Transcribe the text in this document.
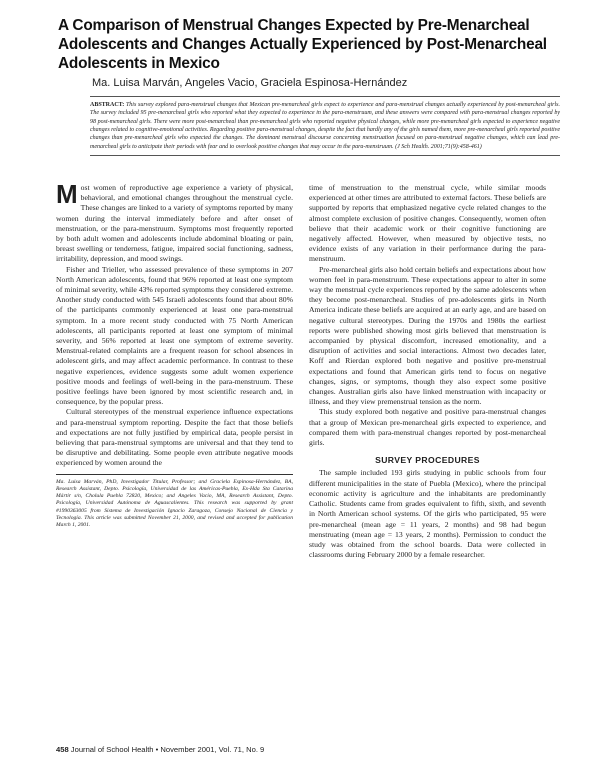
A Comparison of Menstrual Changes Expected by Pre-Menarcheal Adolescents and Changes Actually Experienced by Post-Menarcheal Adolescents in Mexico
Ma. Luisa Marván, Angeles Vacio, Graciela Espinosa-Hernández
ABSTRACT: This survey explored para-menstrual changes that Mexican pre-menarcheal girls expect to experience and para-menstrual changes actually experienced by post-menarcheal girls. The survey included 95 pre-menarcheal girls who reported what they expected to experience in the para-menstruum, and these answers were compared with para-menstrual changes reported by 98 post-menarcheal girls. There were more post-menarcheal than pre-menarcheal girls who reported negative physical changes, while more pre-menarcheal girls expected to experience negative changes related to cognitive-emotional activities. Regarding positive para-menstrual changes, despite the fact that hardly any of the girls named them, more pre-menarcheal girls reported positive changes than pre-menarcheal girls who expected the changes. The dominant menstrual discourse concerning menstruation focused on para-menstrual negative changes, which can lead pre-menarcheal girls to anticipate their periods with fear and to overlook positive changes that may occur in the para-menstruum. (J Sch Health. 2001;71(9):458-461)

Most women of reproductive age experience a variety of physical, behavioral, and emotional changes throughout the menstrual cycle. These changes are linked to a variety of symptoms reported by many women during the interval immediately before and after onset of menstruation, or the para-menstruum. Symptoms most frequently reported by both adult women and adolescents include abdominal bloating or pain, breast swelling or tenderness, fatigue, impaired social functioning, sadness, irritability, depression, and mood swings.

Fisher and Trieller, who assessed prevalence of these symptoms in 207 North American adolescents, found that 96% reported at least one symptom of minimal severity, while 43% reported symptoms they considered extreme. Another study conducted with 545 Israeli adolescents found that about 80% of the participants commonly experienced at least one para-menstrual symptom. In a more recent study conducted with 75 North American adolescents, all participants reported at least one symptom of minimal severity, and 56% reported at least one symptom of extreme severity. Menstrual-related complaints are a frequent reason for school absences in adolescent girls, and may affect academic performance. In contrast to these negative experiences, evidence suggests some adult women experience positive moods and feelings of well-being in the para-menstruum. These positive feelings have been ignored by most scientific research and, in consequence, by the popular press.

Cultural stereotypes of the menstrual experience influence expectations and para-menstrual symptom reporting. Despite the fact that those beliefs and expectations are not fully justified by empirical data, people persist in believing that para-menstrual symptoms are universal and that they tend to be disruptive and debilitating. Some people even attribute negative moods experienced by women around the

Ma. Luisa Marván, PhD, Investigador Titular, Professor; and Graciela Espinosa-Hernández, BA, Research Assistant, Depto. Psicología, Universidad de las Américas-Puebla, Ex-Hda Sta Catarina Mártir s/n, Cholula Puebla 72820, Mexico; and Angeles Vacio, MA, Research Assistant, Depto. Psicología, Universidad Autónoma de Aguascalientes. This research was supported by grant #1990363005 from Sistema de Investigación Ignacio Zaragoza, Consejo Nacional de Ciencia y Tecnología. This article was submitted November 21, 2000, and revised and accepted for publication March 1, 2001.

time of menstruation to the menstrual cycle, while similar moods experienced at other times are attributed to external factors. These beliefs are supported by reports that emphasized negative cycle related changes to the almost complete exclusion of positive changes. Consequently, women often believe that their academic work or their cognitive functioning are negatively affected. However, when measured by objective tests, no evidence exists of any variation in their performance during the para-menstruum.

Pre-menarcheal girls also hold certain beliefs and expectations about how women feel in para-menstruum. These expectations appear to alter in some way the menstrual cycle experiences reported by the same adolescents when they become post-menarcheal. Studies of pre-adolescents girls in North America indicate these beliefs are acquired at an early age, and are based on negative cultural stereotypes. During the 1970s and 1980s the earliest reports were published showing most girls believed that menstruation is accompanied by physical discomfort, increased emotionality, and a disruption of activities and social interactions. Almost two decades later, Koff and Rierdan explored both negative and positive pre-menstrual expectations and found that American girls tend to focus on negative changes, signs, or symptoms, though they also expect some positive changes. Australian girls also have linked menstruation with incapacity or illness, and they view premenstrual tension as the norm.

This study explored both negative and positive para-menstrual changes that a group of Mexican pre-menarcheal girls expected to experience, and compared them with para-menstrual changes reported by post-menarcheal girls.

SURVEY PROCEDURES

The sample included 193 girls studying in public schools from four different municipalities in the state of Puebla (Mexico), where the principal economic activity is agriculture and the inhabitants are predominantly Catholic. Students came from grades equivalent to fifth, sixth, and seventh in North American school systems. Of the girls who participated, 95 were pre-menarcheal (mean age = 11 years, 2 months) and 98 had begun menstruating (mean age = 13 years, 2 months). Permission to conduct the study was obtained from the school boards. Data were collected in classrooms during February 2000 by a female researcher.

458 Journal of School Health • November 2001, Vol. 71, No. 9
